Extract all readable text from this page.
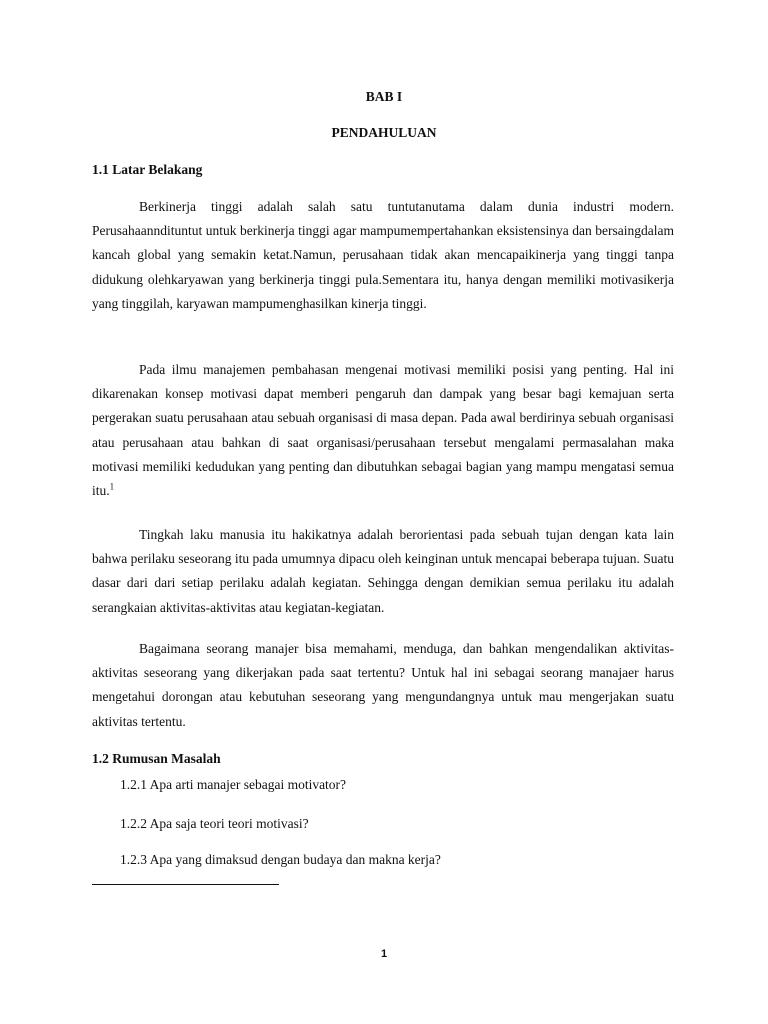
BAB I
PENDAHULUAN
1.1 Latar Belakang

Berkinerja tinggi adalah salah satu tuntutanutama dalam dunia industri modern. Perusahaanndituntut untuk berkinerja tinggi agar mampumempertahankan eksistensinya dan bersaingdalam kancah global yang semakin ketat.Namun, perusahaan tidak akan mencapaikinerja yang tinggi tanpa didukung olehkaryawan yang berkinerja tinggi pula.Sementara itu, hanya dengan memiliki motivasikerja yang tinggilah, karyawan mampumenghasilkan kinerja tinggi.

Pada ilmu manajemen pembahasan mengenai motivasi memiliki posisi yang penting. Hal ini dikarenakan konsep motivasi dapat memberi pengaruh dan dampak yang besar bagi kemajuan serta pergerakan suatu perusahaan atau sebuah organisasi di masa depan. Pada awal berdirinya sebuah organisasi atau perusahaan atau bahkan di saat organisasi/perusahaan tersebut mengalami permasalahan maka motivasi memiliki kedudukan yang penting dan dibutuhkan sebagai bagian yang mampu mengatasi semua itu.$^1$

Tingkah laku manusia itu hakikatnya adalah berorientasi pada sebuah tujan dengan kata lain bahwa perilaku seseorang itu pada umumnya dipacu oleh keinginan untuk mencapai beberapa tujuan. Suatu dasar dari dari setiap perilaku adalah kegiatan. Sehingga dengan demikian semua perilaku itu adalah serangkaian aktivitas-aktivitas atau kegiatan-kegiatan.

Bagaimana seorang manajer bisa memahami, menduga, dan bahkan mengendalikan aktivitas-aktivitas seseorang yang dikerjakan pada saat tertentu? Untuk hal ini sebagai seorang manajaer harus mengetahui dorongan atau kebutuhan seseorang yang mengundangnya untuk mau mengerjakan suatu aktivitas tertentu.

1.2 Rumusan Masalah
1.2.1 Apa arti manajer sebagai motivator?
1.2.2 Apa saja teori teori motivasi?
1.2.3 Apa yang dimaksud dengan budaya dan makna kerja?
1
